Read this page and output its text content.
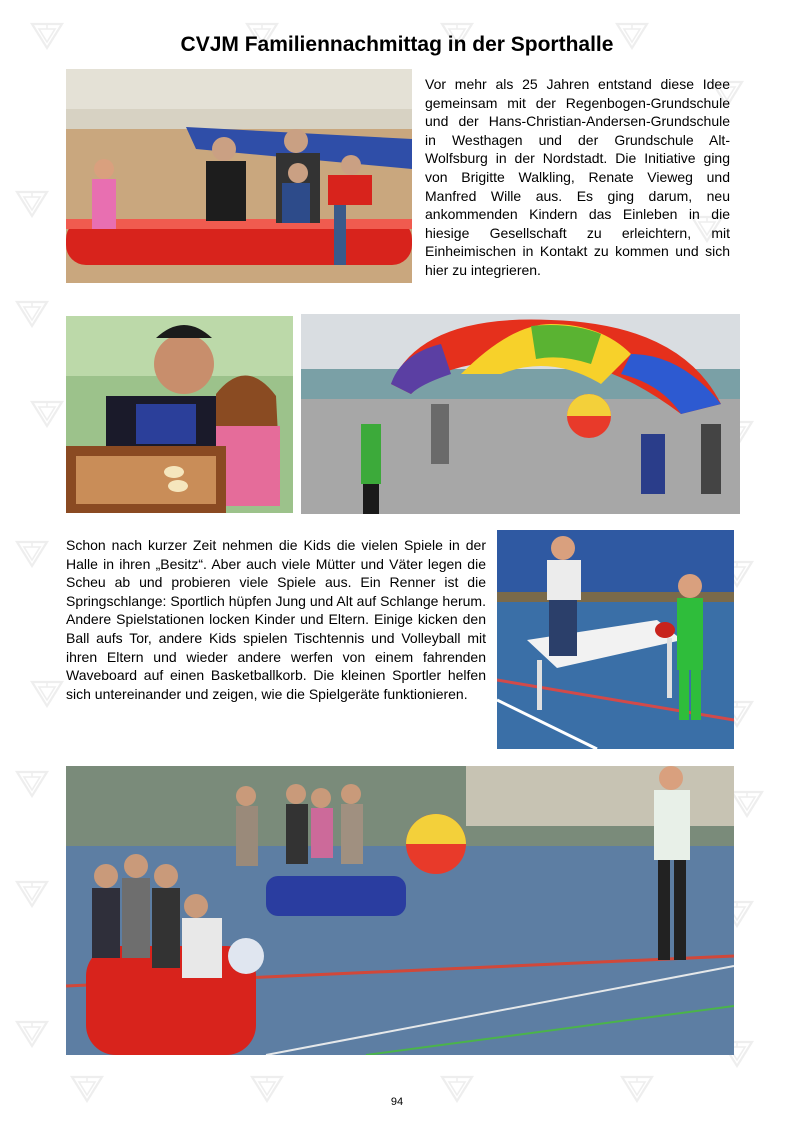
CVJM Familiennachmittag in der Sporthalle

Vor mehr als 25 Jahren entstand diese Idee gemeinsam mit der Regenbogen-Grundschule und der Hans-Christian-Andersen-Grundschule in Westhagen und der Grundschule Alt-Wolfsburg in der Nordstadt. Die Initiative ging von Brigitte Walkling, Renate Vieweg und Manfred Wille aus. Es ging darum, neu ankommenden Kindern das Einleben in die hiesige Gesellschaft zu erleichtern, mit Einheimischen in Kontakt zu kommen und sich hier zu integrieren.

Schon nach kurzer Zeit nehmen die Kids die vielen Spiele in der Halle in ihren „Besitz“. Aber auch viele Mütter und Väter legen die Scheu ab und probieren viele Spiele aus. Ein Renner ist die Springschlange: Sportlich hüpfen Jung und Alt auf Schlange herum. Andere Spielstationen locken Kinder und Eltern. Einige kicken den Ball aufs Tor, andere Kids spielen Tischtennis und Volleyball mit ihren Eltern und wieder andere werfen von einem fahrenden Waveboard auf einen Basketballkorb. Die kleinen Sportler helfen sich untereinander und zeigen, wie die Spielgeräte funktionieren.

94
